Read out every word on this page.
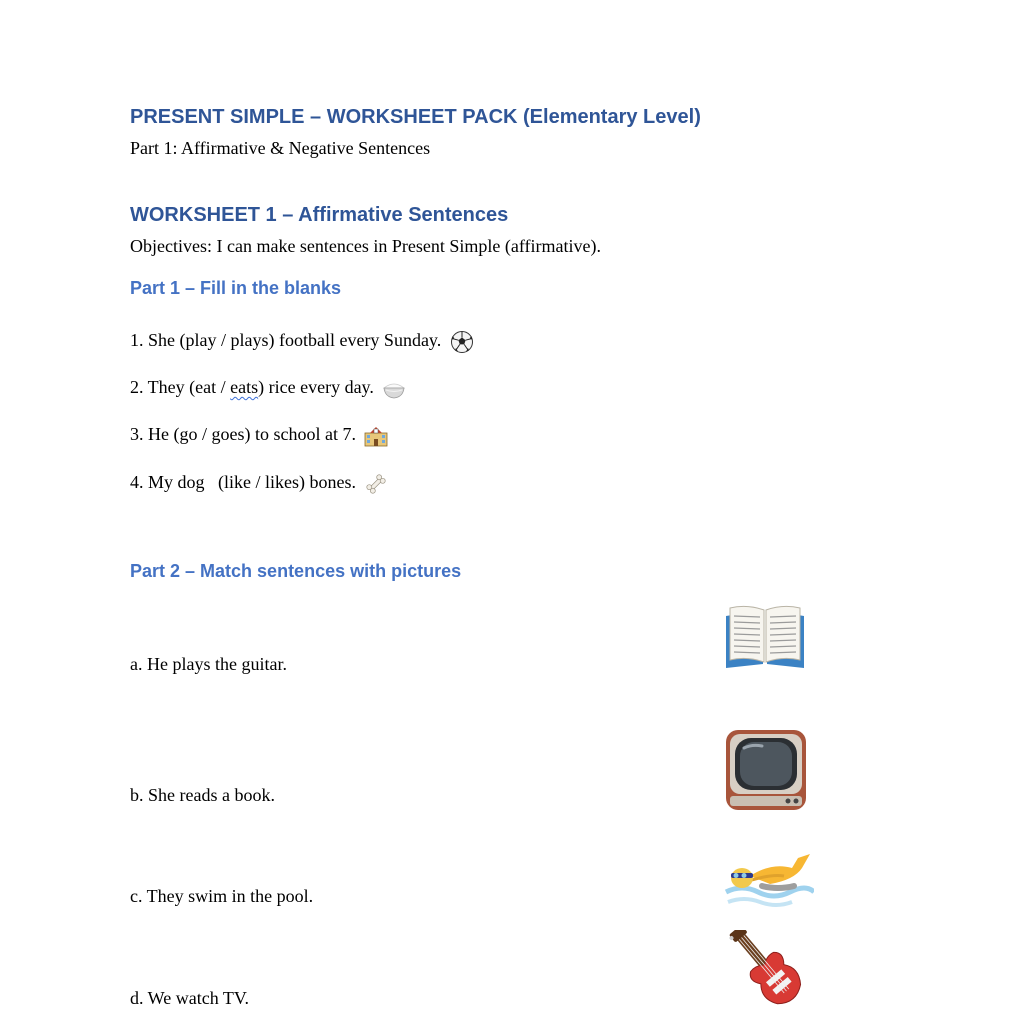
PRESENT SIMPLE – WORKSHEET PACK (Elementary Level)
Part 1: Affirmative & Negative Sentences
WORKSHEET 1 – Affirmative Sentences
Objectives: I can make sentences in Present Simple (affirmative).
Part 1 – Fill in the blanks
1. She (play / plays) football every Sunday.
2. They (eat / eats) rice every day.
3. He (go / goes) to school at 7.
4. My dog   (like / likes) bones.
Part 2 – Match sentences with pictures
a. He plays the guitar.
b. She reads a book.
c. They swim in the pool.
d. We watch TV.
